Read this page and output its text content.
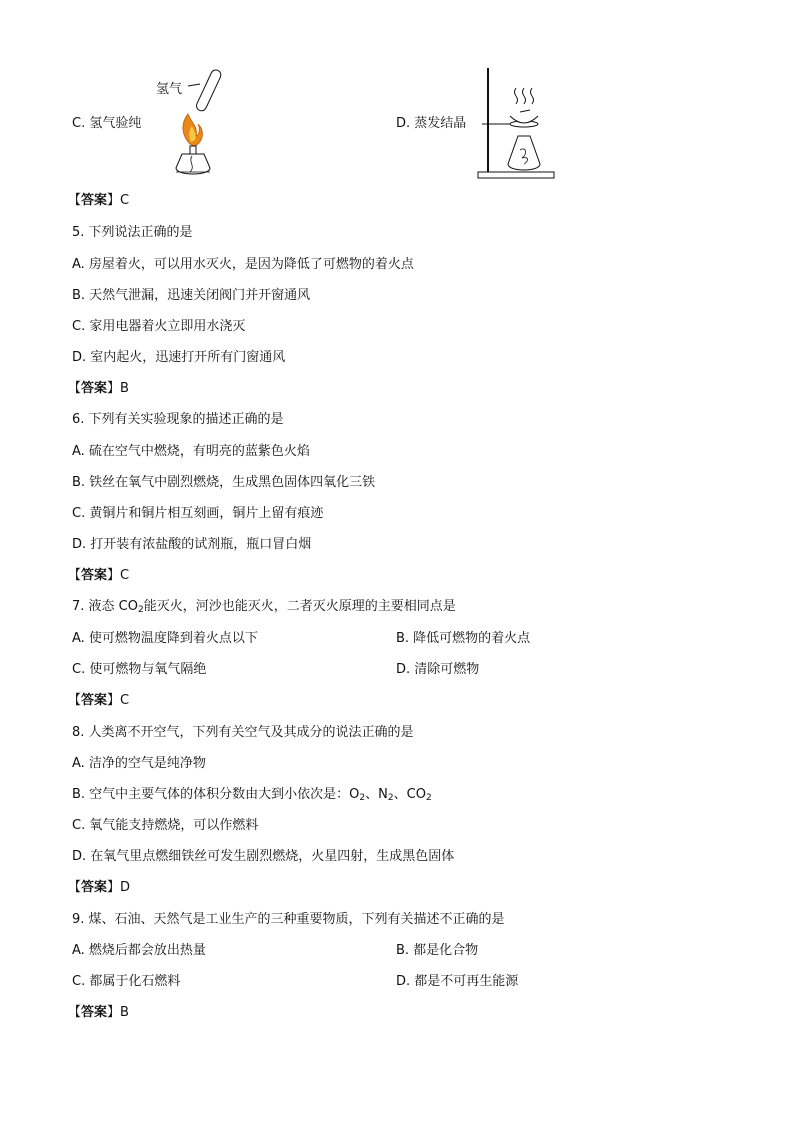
C. 氢气验纯
氢气
D. 蒸发结晶
【答案】C
5. 下列说法正确的是
A. 房屋着火，可以用水灭火，是因为降低了可燃物的着火点
B. 天然气泄漏，迅速关闭阀门并开窗通风
C. 家用电器着火立即用水浇灭
D. 室内起火，迅速打开所有门窗通风
【答案】B
6. 下列有关实验现象的描述正确的是
A. 硫在空气中燃烧，有明亮的蓝紫色火焰
B. 铁丝在氧气中剧烈燃烧，生成黑色固体四氧化三铁
C. 黄铜片和铜片相互刻画，铜片上留有痕迹
D. 打开装有浓盐酸的试剂瓶，瓶口冒白烟
【答案】C
7. 液态 $CO_2$能灭火，河沙也能灭火，二者灭火原理的主要相同点是
A. 使可燃物温度降到着火点以下	B. 降低可燃物的着火点
C. 使可燃物与氧气隔绝	D. 清除可燃物
【答案】C
8. 人类离不开空气，下列有关空气及其成分的说法正确的是
A. 洁净的空气是纯净物
B. 空气中主要气体的体积分数由大到小依次是：$O_2$、$N_2$、$CO_2$
C. 氧气能支持燃烧，可以作燃料
D. 在氧气里点燃细铁丝可发生剧烈燃烧，火星四射，生成黑色固体
【答案】D
9. 煤、石油、天然气是工业生产的三种重要物质，下列有关描述不正确的是
A. 燃烧后都会放出热量	B. 都是化合物
C. 都属于化石燃料	D. 都是不可再生能源
【答案】B
